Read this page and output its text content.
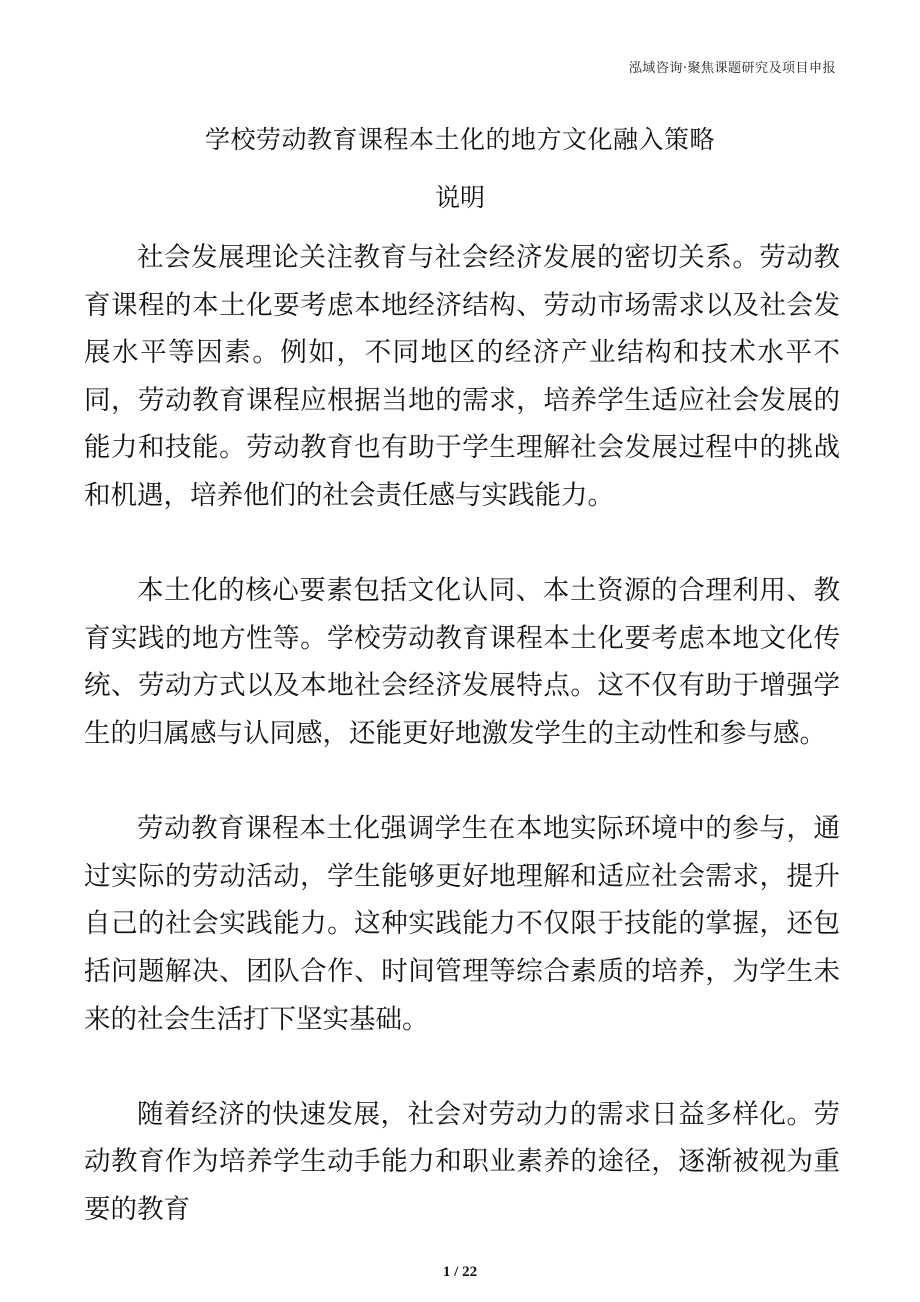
泓域咨询·聚焦课题研究及项目申报
学校劳动教育课程本土化的地方文化融入策略
说明

社会发展理论关注教育与社会经济发展的密切关系。劳动教育课程的本土化要考虑本地经济结构、劳动市场需求以及社会发展水平等因素。例如，不同地区的经济产业结构和技术水平不同，劳动教育课程应根据当地的需求，培养学生适应社会发展的能力和技能。劳动教育也有助于学生理解社会发展过程中的挑战和机遇，培养他们的社会责任感与实践能力。

本土化的核心要素包括文化认同、本土资源的合理利用、教育实践的地方性等。学校劳动教育课程本土化要考虑本地文化传统、劳动方式以及本地社会经济发展特点。这不仅有助于增强学生的归属感与认同感，还能更好地激发学生的主动性和参与感。

劳动教育课程本土化强调学生在本地实际环境中的参与，通过实际的劳动活动，学生能够更好地理解和适应社会需求，提升自己的社会实践能力。这种实践能力不仅限于技能的掌握，还包括问题解决、团队合作、时间管理等综合素质的培养，为学生未来的社会生活打下坚实基础。

随着经济的快速发展，社会对劳动力的需求日益多样化。劳动教育作为培养学生动手能力和职业素养的途径，逐渐被视为重要的教育

1 / 22
